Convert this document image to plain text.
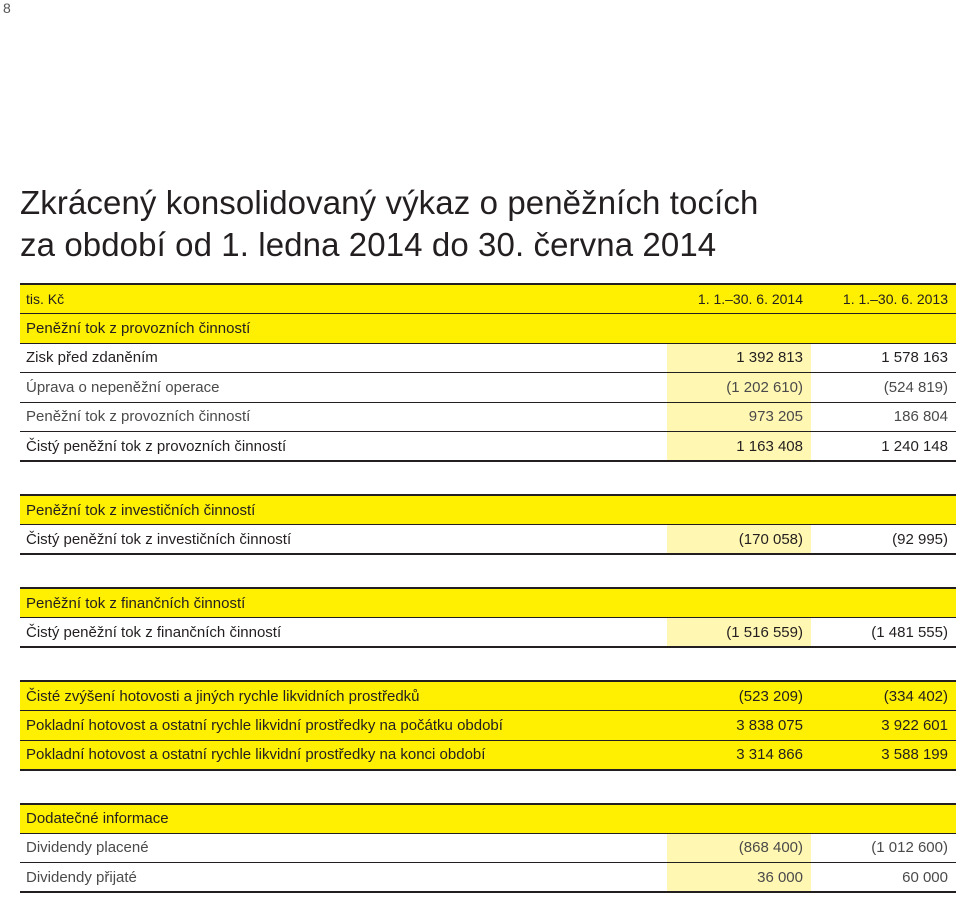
8
Zkrácený konsolidovaný výkaz o peněžních tocích
za období od 1. ledna 2014 do 30. června 2014
tis. Kč	1. 1.–30. 6. 2014	1. 1.–30. 6. 2013
Peněžní tok z provozních činností		
Zisk před zdaněním	1 392 813	1 578 163
Úprava o nepeněžní operace	(1 202 610)	(524 819)
Peněžní tok z provozních činností	973 205	186 804
Čistý peněžní tok z provozních činností	1 163 408	1 240 148

Peněžní tok z investičních činností		
Čistý peněžní tok z investičních činností	(170 058)	(92 995)

Peněžní tok z finančních činností		
Čistý peněžní tok z finančních činností	(1 516 559)	(1 481 555)

Čisté zvýšení hotovosti a jiných rychle likvidních prostředků	(523 209)	(334 402)
Pokladní hotovost a ostatní rychle likvidní prostředky na počátku období	3 838 075	3 922 601
Pokladní hotovost a ostatní rychle likvidní prostředky na konci období	3 314 866	3 588 199

Dodatečné informace		
Dividendy placené	(868 400)	(1 012 600)
Dividendy přijaté	36 000	60 000
